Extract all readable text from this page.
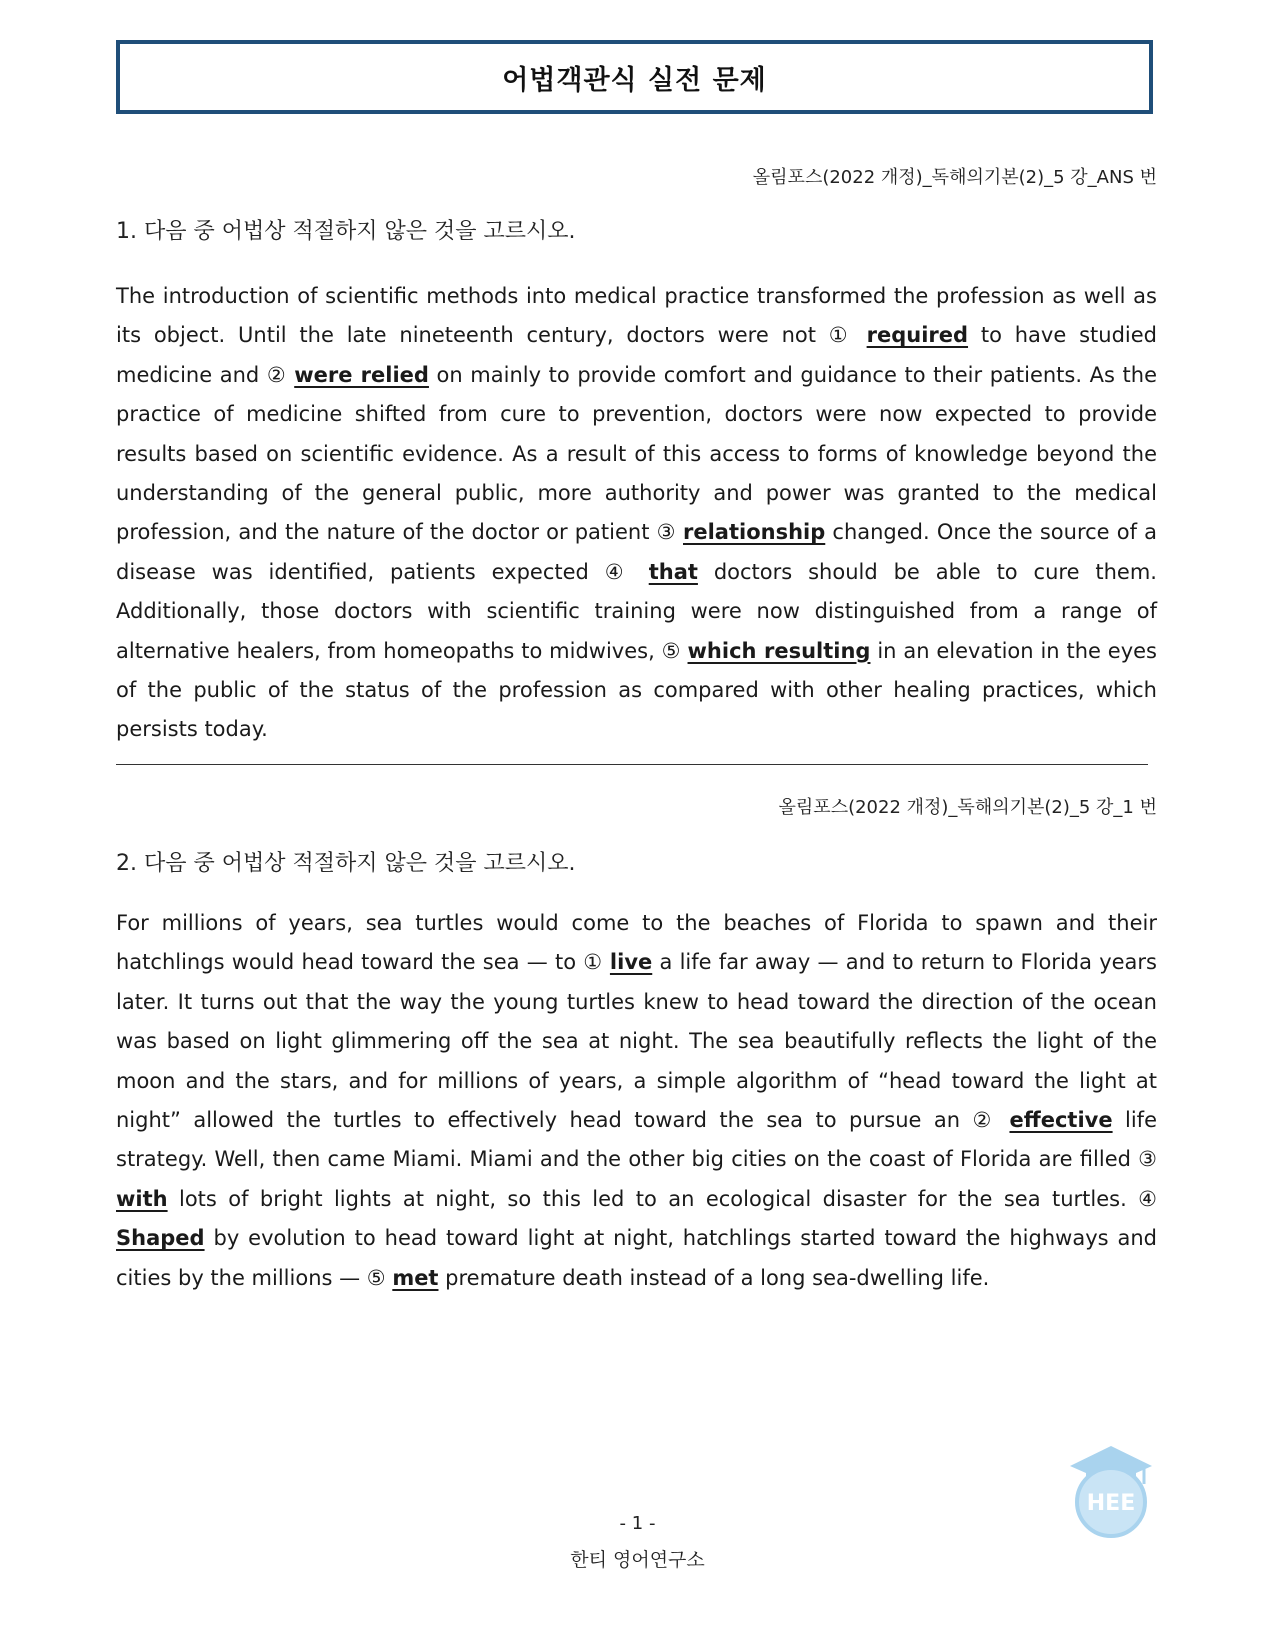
어법객관식 실전 문제
올림포스(2022 개정)_독해의기본(2)_5 강_ANS 번
1. 다음 중 어법상 적절하지 않은 것을 고르시오.

The introduction of scientific methods into medical practice transformed the profession as well as its object. Until the late nineteenth century, doctors were not ① required to have studied medicine and ② were relied on mainly to provide comfort and guidance to their patients. As the practice of medicine shifted from cure to prevention, doctors were now expected to provide results based on scientific evidence. As a result of this access to forms of knowledge beyond the understanding of the general public, more authority and power was granted to the medical profession, and the nature of the doctor or patient ③ relationship changed. Once the source of a disease was identified, patients expected ④ that doctors should be able to cure them. Additionally, those doctors with scientific training were now distinguished from a range of alternative healers, from homeopaths to midwives, ⑤ which resulting in an elevation in the eyes of the public of the status of the profession as compared with other healing practices, which persists today.

올림포스(2022 개정)_독해의기본(2)_5 강_1 번
2. 다음 중 어법상 적절하지 않은 것을 고르시오.

For millions of years, sea turtles would come to the beaches of Florida to spawn and their hatchlings would head toward the sea — to ① live a life far away — and to return to Florida years later. It turns out that the way the young turtles knew to head toward the direction of the ocean was based on light glimmering off the sea at night. The sea beautifully reflects the light of the moon and the stars, and for millions of years, a simple algorithm of “head toward the light at night” allowed the turtles to effectively head toward the sea to pursue an ② effective life strategy. Well, then came Miami. Miami and the other big cities on the coast of Florida are filled ③ with lots of bright lights at night, so this led to an ecological disaster for the sea turtles. ④ Shaped by evolution to head toward light at night, hatchlings started toward the highways and cities by the millions — ⑤ met premature death instead of a long sea-dwelling life.

- 1 -
한티 영어연구소
HEE
